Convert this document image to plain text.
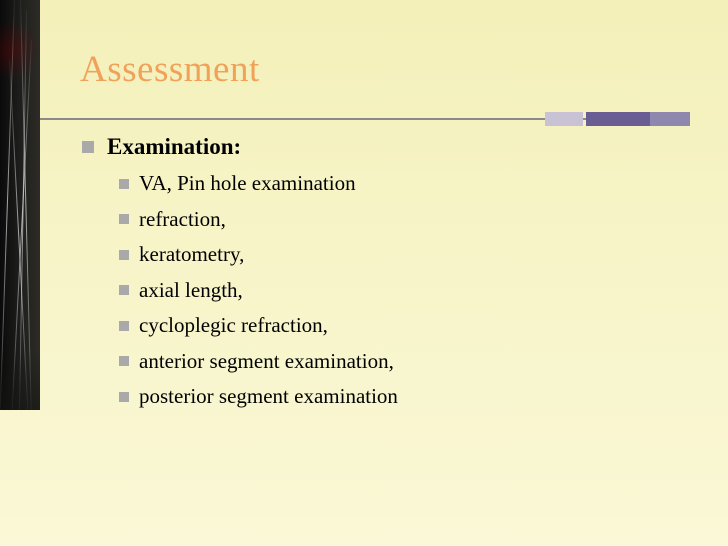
Assessment
Examination:
VA, Pin hole examination
refraction,
keratometry,
axial length,
cycloplegic refraction,
anterior segment examination,
posterior segment examination
